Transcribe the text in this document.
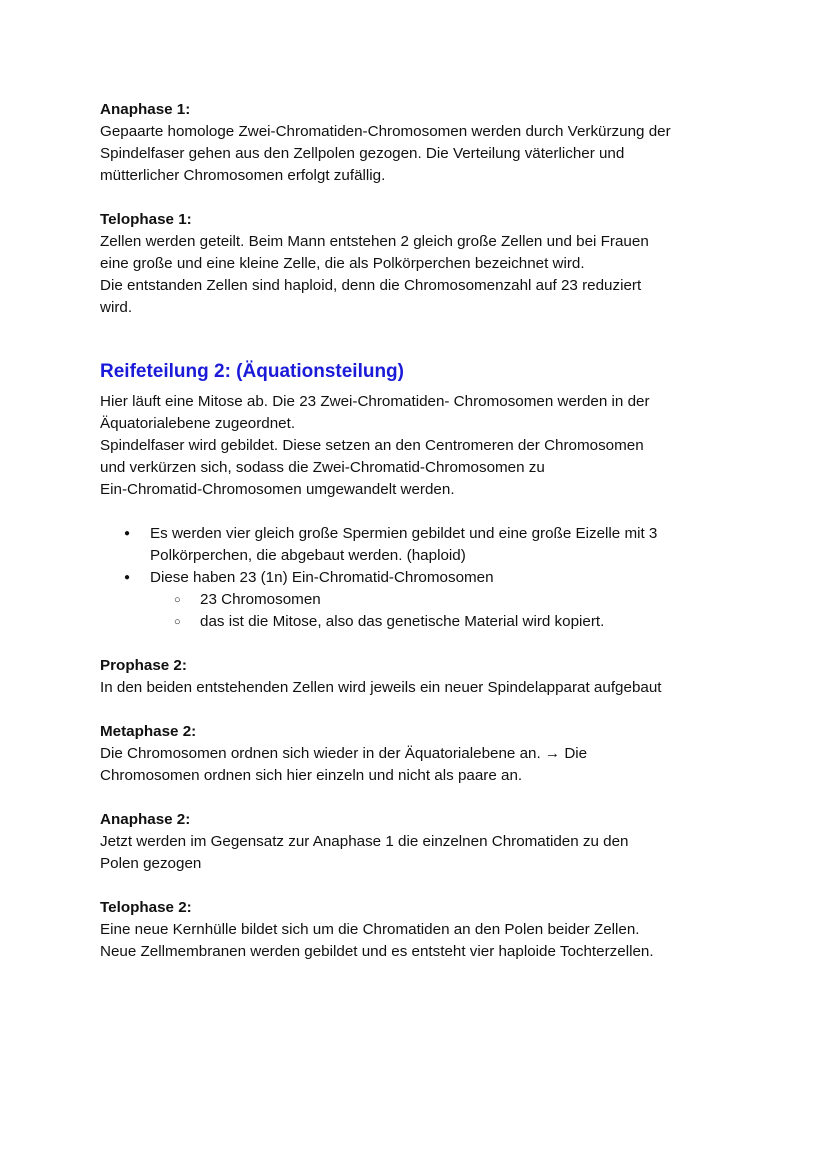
Anaphase 1:

Gepaarte homologe Zwei-Chromatiden-Chromosomen werden durch Verkürzung der
Spindelfaser gehen aus den Zellpolen gezogen. Die Verteilung väterlicher und
mütterlicher Chromosomen erfolgt zufällig.

Telophase 1:

Zellen werden geteilt. Beim Mann entstehen 2 gleich große Zellen und bei Frauen
eine große und eine kleine Zelle, die als Polkörperchen bezeichnet wird.
Die entstanden Zellen sind haploid, denn die Chromosomenzahl auf 23 reduziert
wird.
Reifeteilung 2: (Äquationsteilung)
Hier läuft eine Mitose ab. Die 23 Zwei-Chromatiden- Chromosomen werden in der
Äquatorialebene zugeordnet.
Spindelfaser wird gebildet. Diese setzen an den Centromeren der Chromosomen
und verkürzen sich, sodass die Zwei-Chromatid-Chromosomen zu
Ein-Chromatid-Chromosomen umgewandelt werden.
● Es werden vier gleich große Spermien gebildet und eine große Eizelle mit 3
Polkörperchen, die abgebaut werden. (haploid)
● Diese haben 23 (1n) Ein-Chromatid-Chromosomen
○ 23 Chromosomen
○ das ist die Mitose, also das genetische Material wird kopiert.

Prophase 2:

In den beiden entstehenden Zellen wird jeweils ein neuer Spindelapparat aufgebaut

Metaphase 2:

Die Chromosomen ordnen sich wieder in der Äquatorialebene an. → Die
Chromosomen ordnen sich hier einzeln und nicht als paare an.

Anaphase 2:

Jetzt werden im Gegensatz zur Anaphase 1 die einzelnen Chromatiden zu den
Polen gezogen

Telophase 2:

Eine neue Kernhülle bildet sich um die Chromatiden an den Polen beider Zellen.
Neue Zellmembranen werden gebildet und es entsteht vier haploide Tochterzellen.
